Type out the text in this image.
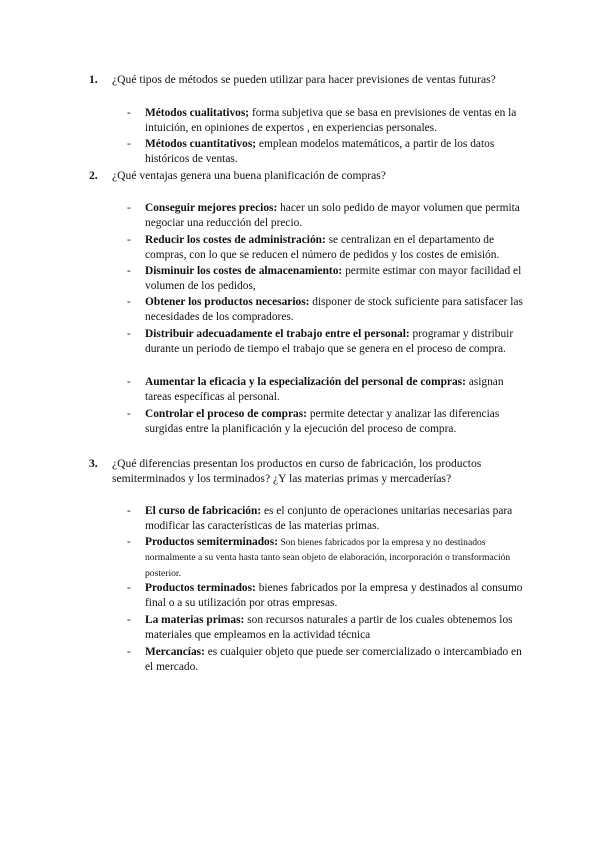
1. ¿Qué tipos de métodos se pueden utilizar para hacer previsiones de ventas futuras?
- Métodos cualitativos; forma subjetiva que se basa en previsiones de ventas en la intuición, en opiniones de expertos , en experiencias personales.
- Métodos cuantitativos; emplean modelos matemáticos, a partir de los datos históricos de ventas.
2. ¿Qué ventajas genera una buena planificación de compras?
- Conseguir mejores precios: hacer un solo pedido de mayor volumen que permita negociar una reducción del precio.
- Reducir los costes de administración: se centralizan en el departamento de compras, con lo que se reducen el número de pedidos y los costes de emisión.
- Disminuir los costes de almacenamiento: permite estimar con mayor facilidad el volumen de los pedidos,
- Obtener los productos necesarios: disponer de stock suficiente para satisfacer las necesidades de los compradores.
- Distribuir adecuadamente el trabajo entre el personal: programar y distribuir durante un periodo de tiempo el trabajo que se genera en el proceso de compra.
- Aumentar la eficacia y la especialización del personal de compras: asignan tareas específicas al personal.
- Controlar el proceso de compras: permite detectar y analizar las diferencias surgidas entre la planificación y la ejecución del proceso de compra.
3. ¿Qué diferencias presentan los productos en curso de fabricación, los productos semiterminados y los terminados? ¿Y las materias primas y mercaderías?
- El curso de fabricación: es el conjunto de operaciones unitarias necesarias para modificar las características de las materias primas.
- Productos semiterminados: Son bienes fabricados por la empresa y no destinados normalmente a su venta hasta tanto sean objeto de elaboración, incorporación o transformación posterior.
- Productos terminados: bienes fabricados por la empresa y destinados al consumo final o a su utilización por otras empresas.
- La materias primas: son recursos naturales a partir de los cuales obtenemos los materiales que empleamos en la actividad técnica
- Mercancías: es cualquier objeto que puede ser comercializado o intercambiado en el mercado.
